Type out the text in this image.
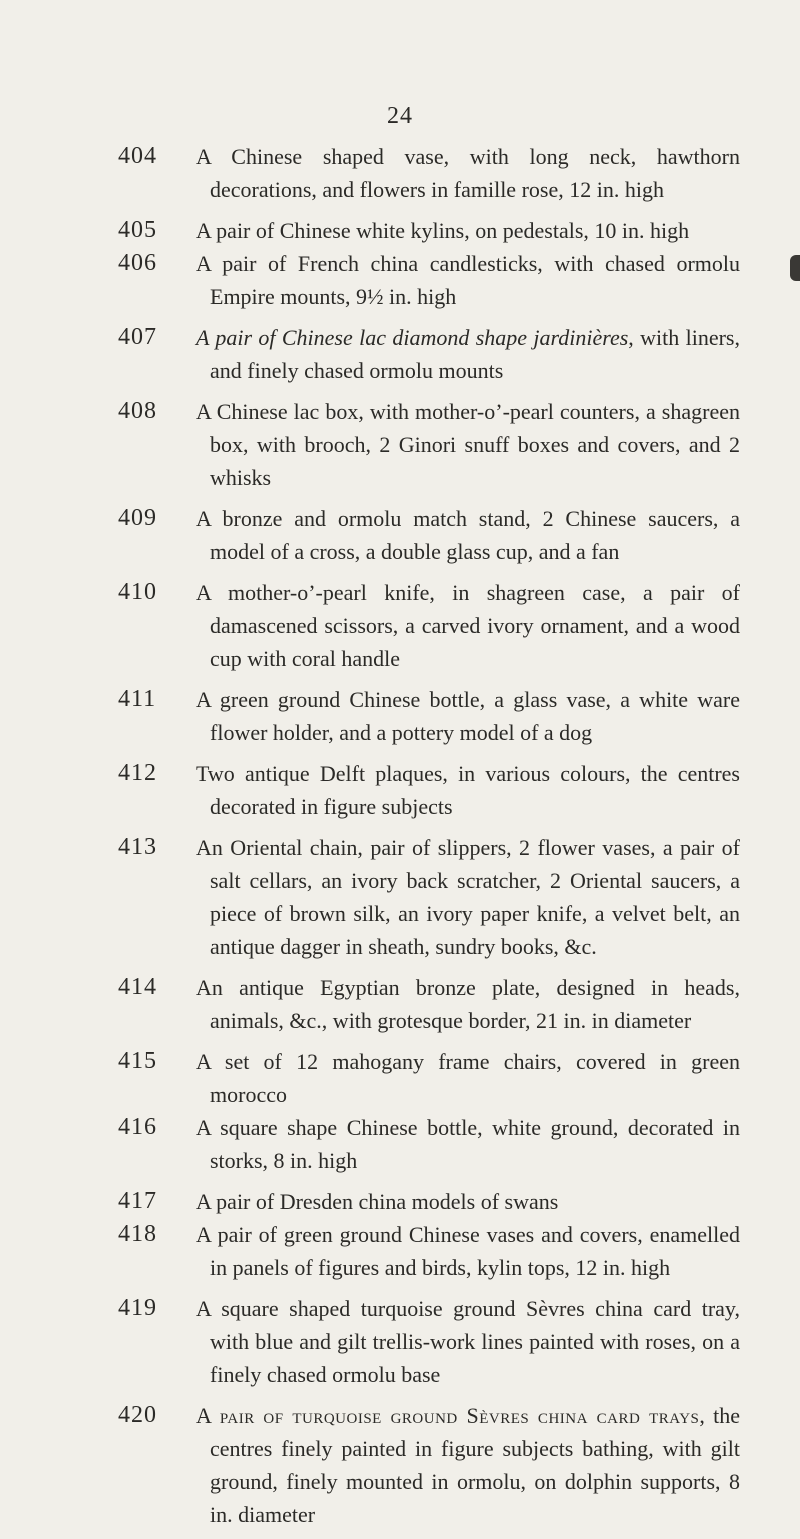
24
404 A Chinese shaped vase, with long neck, hawthorn decorations, and flowers in famille rose, 12 in. high
405 A pair of Chinese white kylins, on pedestals, 10 in. high
406 A pair of French china candlesticks, with chased ormolu Empire mounts, 9½ in. high
407 A pair of Chinese lac diamond shape jardinières, with liners, and finely chased ormolu mounts
408 A Chinese lac box, with mother-o’-pearl counters, a shagreen box, with brooch, 2 Ginori snuff boxes and covers, and 2 whisks
409 A bronze and ormolu match stand, 2 Chinese saucers, a model of a cross, a double glass cup, and a fan
410 A mother-o’-pearl knife, in shagreen case, a pair of damascened scissors, a carved ivory ornament, and a wood cup with coral handle
411 A green ground Chinese bottle, a glass vase, a white ware flower holder, and a pottery model of a dog
412 Two antique Delft plaques, in various colours, the centres decorated in figure subjects
413 An Oriental chain, pair of slippers, 2 flower vases, a pair of salt cellars, an ivory back scratcher, 2 Oriental saucers, a piece of brown silk, an ivory paper knife, a velvet belt, an antique dagger in sheath, sundry books, &c.
414 An antique Egyptian bronze plate, designed in heads, animals, &c., with grotesque border, 21 in. in diameter
415 A set of 12 mahogany frame chairs, covered in green morocco
416 A square shape Chinese bottle, white ground, decorated in storks, 8 in. high
417 A pair of Dresden china models of swans
418 A pair of green ground Chinese vases and covers, enamelled in panels of figures and birds, kylin tops, 12 in. high
419 A square shaped turquoise ground Sèvres china card tray, with blue and gilt trellis-work lines painted with roses, on a finely chased ormolu base
420 A pair of turquoise ground Sèvres china card trays, the centres finely painted in figure subjects bathing, with gilt ground, finely mounted in ormolu, on dolphin supports, 8 in. diameter
